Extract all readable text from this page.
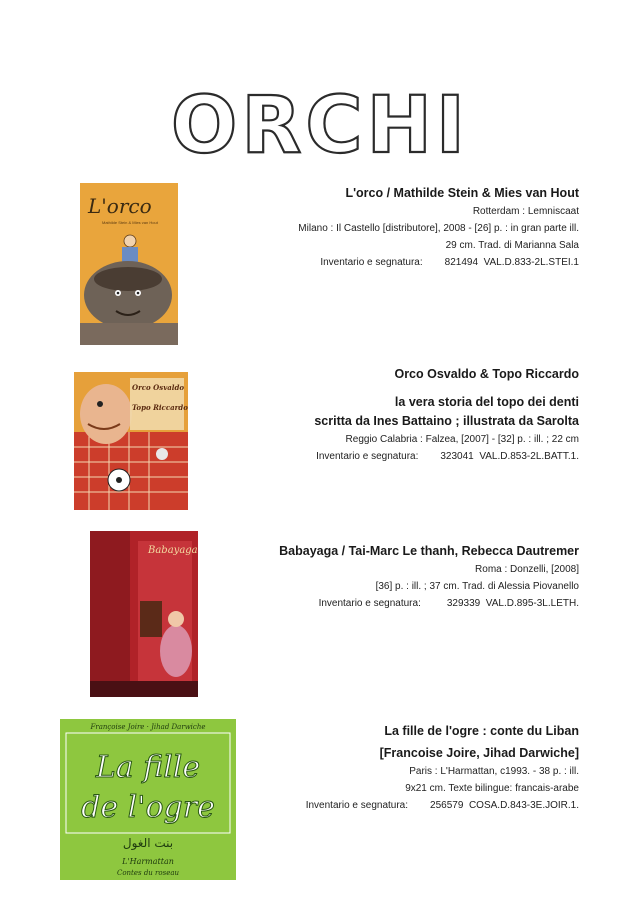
ORCHI
L'orco
Mathilde Stein & Mies van Hout
L'orco / Mathilde Stein & Mies van Hout
Rotterdam : Lemniscaat
Milano : Il Castello [distributore], 2008 - [26] p. : in gran parte ill.
29 cm. Trad. di Marianna Sala
Inventario e segnatura: 821494 VAL.D.833-2L.STEI.1
Orco Osvaldo
Topo Riccardo
Orco Osvaldo & Topo Riccardo
la vera storia del topo dei denti
scritta da Ines Battaino ; illustrata da Sarolta
Reggio Calabria : Falzea, [2007] - [32] p. : ill. ; 22 cm
Inventario e segnatura: 323041 VAL.D.853-2L.BATT.1.
Babayaga	Babayaga / Tai-Marc Le thanh, Rebecca Dautremer
Roma : Donzelli, [2008]
[36] p. : ill. ; 37 cm. Trad. di Alessia Piovanello
Inventario e segnatura:	329339 VAL.D.895-3L.LETH.
Françoise Joire · Jihad Darwiche
La fille
de l'ogre
بنت الغول
L'Harmattan
Contes du roseau
La fille de l'ogre : conte du Liban
[Francoise Joire, Jihad Darwiche]
Paris : L'Harmattan, c1993. - 38 p. : ill.
9x21 cm. Texte bilingue: francais-arabe
Inventario e segnatura: 256579 COSA.D.843-3E.JOIR.1.
